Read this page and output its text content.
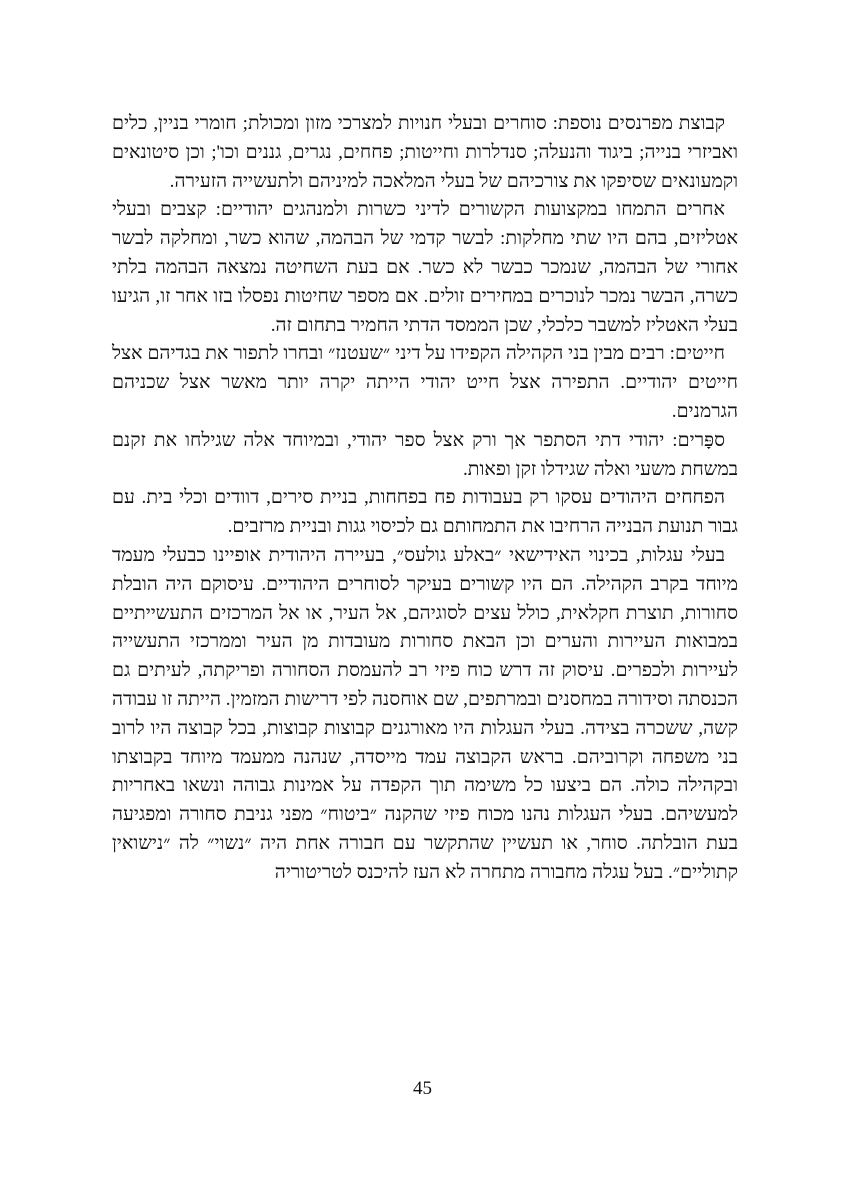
קבוצת מפרנסים נוספת: סוחרים ובעלי חנויות למצרכי מזון ומכולת; חומרי בניין, כלים ואביזרי בנייה; ביגוד והנעלה; סנדלרות וחייטות; פחחים, נגרים, גננים וכו'; וכן סיטונאים וקמעונאים שסיפקו את צורכיהם של בעלי המלאכה למיניהם ולתעשייה הזעירה.

אחרים התמחו במקצועות הקשורים לדיני כשרות ולמנהגים יהודיים: קצבים ובעלי אטליזים, בהם היו שתי מחלקות: לבשר קדמי של הבהמה, שהוא כשר, ומחלקה לבשר אחורי של הבהמה, שנמכר כבשר לא כשר. אם בעת השחיטה נמצאה הבהמה בלתי כשרה, הבשר נמכר לנוכרים במחירים זולים. אם מספר שחיטות נפסלו בזו אחר זו, הגיעו בעלי האטליז למשבר כלכלי, שכן הממסד הדתי החמיר בתחום זה.

חייטים: רבים מבין בני הקהילה הקפידו על דיני ״שעטנז״ ובחרו לתפור את בגדיהם אצל חייטים יהודיים. התפירה אצל חייט יהודי הייתה יקרה יותר מאשר אצל שכניהם הגרמנים.

ספָּרים: יהודי דתי הסתפר אך ורק אצל ספר יהודי, ובמיוחד אלה שגילחו את זקנם במשחת משעי ואלה שגידלו זקן ופאות.

הפחחים היהודים עסקו רק בעבודות פח בפחחות, בניית סירים, דוודים וכלי בית. עם גבור תנועת הבנייה הרחיבו את התמחותם גם לכיסוי גגות ובניית מרזבים.

בעלי עגלות, בכינוי האידישאי ״באלע גולעס״, בעיירה היהודית אופיינו כבעלי מעמד מיוחד בקרב הקהילה. הם היו קשורים בעיקר לסוחרים היהודיים. עיסוקם היה הובלת סחורות, תוצרת חקלאית, כולל עצים לסוגיהם, אל העיר, או אל המרכזים התעשייתיים במבואות העיירות והערים וכן הבאת סחורות מעובדות מן העיר וממרכזי התעשייה לעיירות ולכפרים. עיסוק זה דרש כוח פיזי רב להעמסת הסחורה ופריקתה, לעיתים גם הכנסתה וסידורה במחסנים ובמרתפים, שם אוחסנה לפי דרישות המזמין. הייתה זו עבודה קשה, ששכרה בצידה. בעלי העגלות היו מאורגנים קבוצות קבוצות, בכל קבוצה היו לרוב בני משפחה וקרוביהם. בראש הקבוצה עמד מייסדה, שנהנה ממעמד מיוחד בקבוצתו ובקהילה כולה. הם ביצעו כל משימה תוך הקפדה על אמינות גבוהה ונשאו באחריות למעשיהם. בעלי העגלות נהנו מכוח פיזי שהקנה ״ביטוח״ מפני גניבת סחורה ומפגיעה בעת הובלתה. סוחר, או תעשיין שהתקשר עם חבורה אחת היה ״נשוי״ לה ״נישואין קתוליים״. בעל עגלה מחבורה מתחרה לא העז להיכנס לטריטוריה

45
